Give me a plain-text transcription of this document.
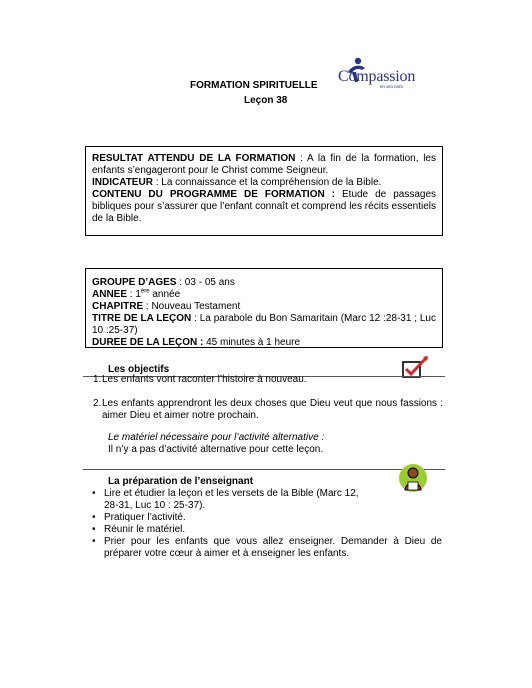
FORMATION SPIRITUELLE
Leçon 38
Compassion
en son nom
RESULTAT ATTENDU DE LA FORMATION : A la fin de la formation, les enfants s’engageront pour le Christ comme Seigneur.
INDICATEUR : La connaissance et la compréhension de la Bible.
CONTENU DU PROGRAMME DE FORMATION : Etude de passages bibliques pour s’assurer que l’enfant connaît et comprend les récits essentiels de la Bible.
GROUPE D’AGES : 03 - 05 ans
ANNEE : 1ère année
CHAPITRE : Nouveau Testament
TITRE DE LA LEÇON : La parabole du Bon Samaritain (Marc 12 :28-31 ; Luc 10 :25-37)
DUREE DE LA LEÇON : 45 minutes à 1 heure
Les objectifs
1. Les enfants vont raconter l’histoire à nouveau.
2. Les enfants apprendront les deux choses que Dieu veut que nous fassions : aimer Dieu et aimer notre prochain.
Le matériel nécessaire pour l’activité alternative :
Il n’y a pas d’activité alternative pour cette leçon.
La préparation de l’enseignant
• Lire et étudier la leçon et les versets de la Bible (Marc 12, 28-31, Luc 10 : 25-37).
• Pratiquer l’activité.
• Réunir le matériel.
• Prier pour les enfants que vous allez enseigner. Demander à Dieu de préparer votre cœur à aimer et à enseigner les enfants.
